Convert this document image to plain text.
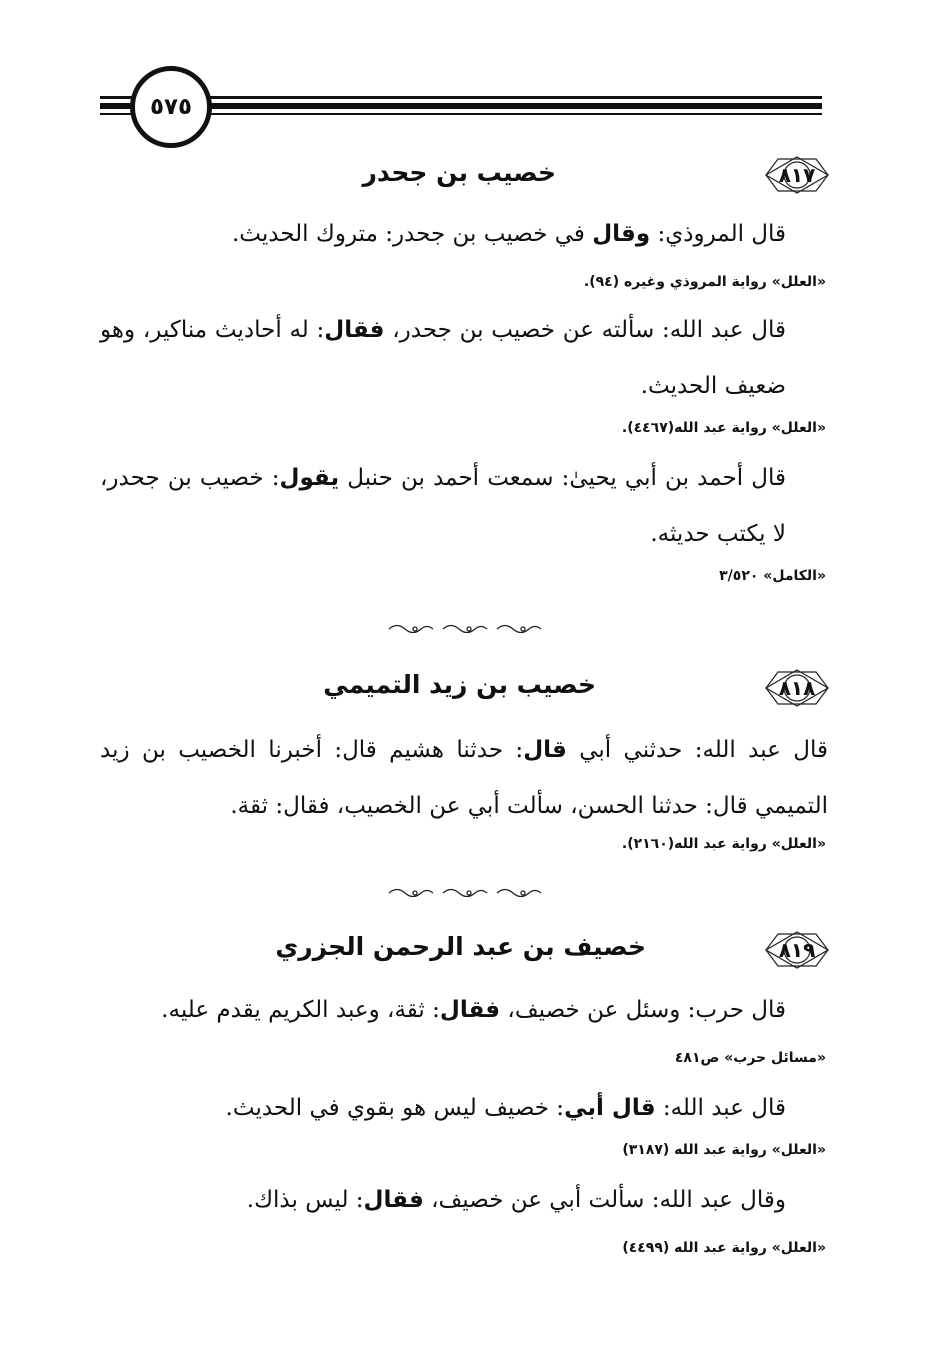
٥٧٥
٨١٧
خصيب بن جحدر
قال المروذي: وقال في خصيب بن جحدر: متروك الحديث.
«العلل» رواية المروذي وغيره (٩٤).
قال عبد الله: سألته عن خصيب بن جحدر، فقال: له أحاديث مناكير، وهو ضعيف الحديث.
«العلل» رواية عبد الله(٤٤٦٧).
قال أحمد بن أبي يحيىٰ: سمعت أحمد بن حنبل يقول: خصيب بن جحدر، لا يكتب حديثه.
«الكامل» ٣/٥٢٠
٨١٨
خصيب بن زيد التميمي
قال عبد الله: حدثني أبي قال: حدثنا هشيم قال: أخبرنا الخصيب بن زيد التميمي قال: حدثنا الحسن، سألت أبي عن الخصيب، فقال: ثقة.
«العلل» رواية عبد الله(٢١٦٠).
٨١٩
خصيف بن عبد الرحمن الجزري
قال حرب: وسئل عن خصيف، فقال: ثقة، وعبد الكريم يقدم عليه.
«مسائل حرب» ص٤٨١
قال عبد الله: قال أبي: خصيف ليس هو بقوي في الحديث.
«العلل» رواية عبد الله (٣١٨٧)
وقال عبد الله: سألت أبي عن خصيف، فقال: ليس بذاك.
«العلل» رواية عبد الله (٤٤٩٩)
